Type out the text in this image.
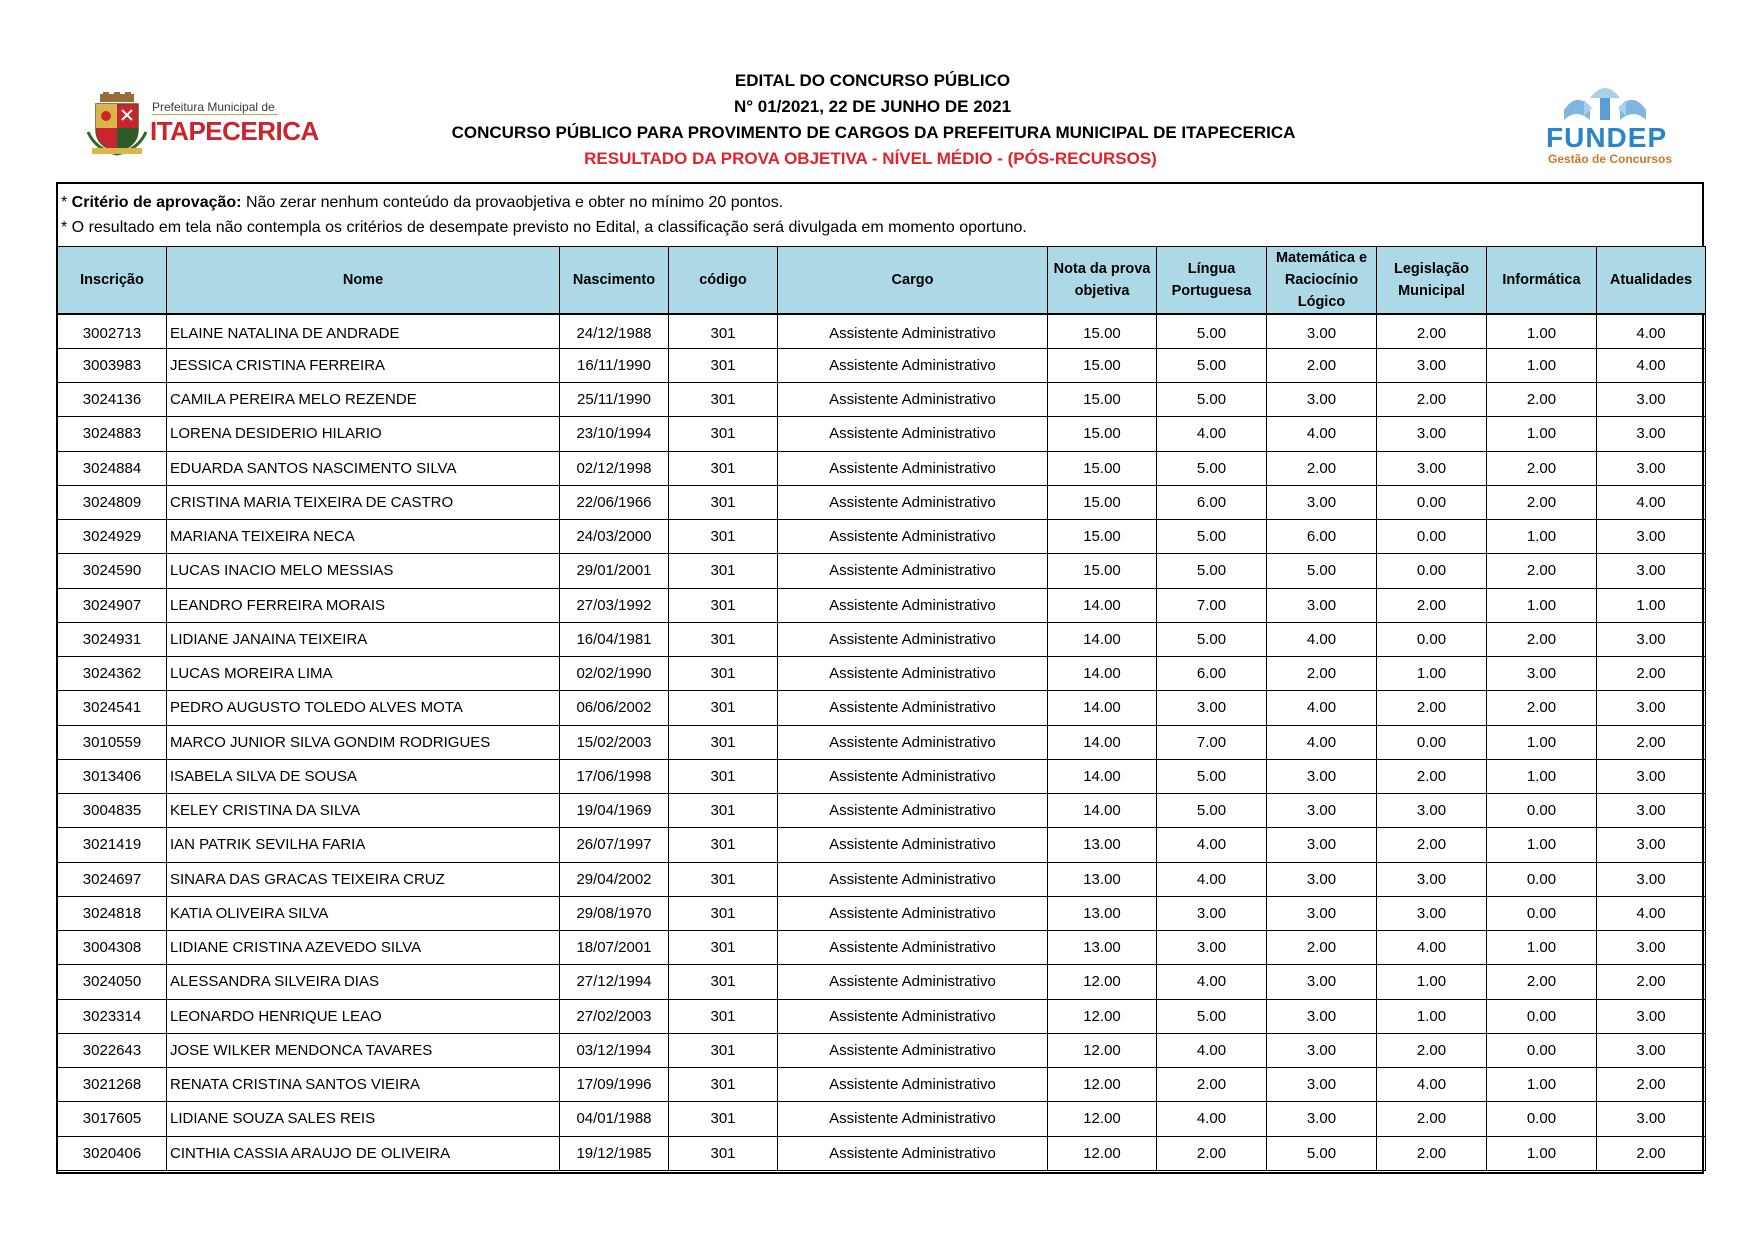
Prefeitura Municipal de
ITAPECERICA
EDITAL DO CONCURSO PÚBLICO
N° 01/2021, 22 DE JUNHO DE 2021
CONCURSO PÚBLICO PARA PROVIMENTO DE CARGOS DA PREFEITURA MUNICIPAL DE ITAPECERICA
RESULTADO DA PROVA OBJETIVA - NÍVEL MÉDIO - (PÓS-RECURSOS)
FUNDEP
Gestão de Concursos
* Critério de aprovação: Não zerar nenhum conteúdo da provaobjetiva e obter no mínimo 20 pontos.
* O resultado em tela não contempla os critérios de desempate previsto no Edital, a classificação será divulgada em momento oportuno.
Inscrição	Nome	Nascimento	código	Cargo	Nota da prova objetiva	Língua Portuguesa	Matemática e Raciocínio Lógico	Legislação Municipal	Informática	Atualidades
3002713	ELAINE NATALINA DE ANDRADE	24/12/1988	301	Assistente Administrativo	15.00	5.00	3.00	2.00	1.00	4.00
3003983	JESSICA CRISTINA FERREIRA	16/11/1990	301	Assistente Administrativo	15.00	5.00	2.00	3.00	1.00	4.00
3024136	CAMILA PEREIRA MELO REZENDE	25/11/1990	301	Assistente Administrativo	15.00	5.00	3.00	2.00	2.00	3.00
3024883	LORENA DESIDERIO HILARIO	23/10/1994	301	Assistente Administrativo	15.00	4.00	4.00	3.00	1.00	3.00
3024884	EDUARDA SANTOS NASCIMENTO SILVA	02/12/1998	301	Assistente Administrativo	15.00	5.00	2.00	3.00	2.00	3.00
3024809	CRISTINA MARIA TEIXEIRA DE CASTRO	22/06/1966	301	Assistente Administrativo	15.00	6.00	3.00	0.00	2.00	4.00
3024929	MARIANA TEIXEIRA NECA	24/03/2000	301	Assistente Administrativo	15.00	5.00	6.00	0.00	1.00	3.00
3024590	LUCAS INACIO MELO MESSIAS	29/01/2001	301	Assistente Administrativo	15.00	5.00	5.00	0.00	2.00	3.00
3024907	LEANDRO FERREIRA MORAIS	27/03/1992	301	Assistente Administrativo	14.00	7.00	3.00	2.00	1.00	1.00
3024931	LIDIANE JANAINA TEIXEIRA	16/04/1981	301	Assistente Administrativo	14.00	5.00	4.00	0.00	2.00	3.00
3024362	LUCAS MOREIRA LIMA	02/02/1990	301	Assistente Administrativo	14.00	6.00	2.00	1.00	3.00	2.00
3024541	PEDRO AUGUSTO TOLEDO ALVES MOTA	06/06/2002	301	Assistente Administrativo	14.00	3.00	4.00	2.00	2.00	3.00
3010559	MARCO JUNIOR SILVA GONDIM RODRIGUES	15/02/2003	301	Assistente Administrativo	14.00	7.00	4.00	0.00	1.00	2.00
3013406	ISABELA SILVA DE SOUSA	17/06/1998	301	Assistente Administrativo	14.00	5.00	3.00	2.00	1.00	3.00
3004835	KELEY CRISTINA DA SILVA	19/04/1969	301	Assistente Administrativo	14.00	5.00	3.00	3.00	0.00	3.00
3021419	IAN PATRIK SEVILHA FARIA	26/07/1997	301	Assistente Administrativo	13.00	4.00	3.00	2.00	1.00	3.00
3024697	SINARA DAS GRACAS TEIXEIRA CRUZ	29/04/2002	301	Assistente Administrativo	13.00	4.00	3.00	3.00	0.00	3.00
3024818	KATIA OLIVEIRA SILVA	29/08/1970	301	Assistente Administrativo	13.00	3.00	3.00	3.00	0.00	4.00
3004308	LIDIANE CRISTINA AZEVEDO SILVA	18/07/2001	301	Assistente Administrativo	13.00	3.00	2.00	4.00	1.00	3.00
3024050	ALESSANDRA SILVEIRA DIAS	27/12/1994	301	Assistente Administrativo	12.00	4.00	3.00	1.00	2.00	2.00
3023314	LEONARDO HENRIQUE LEAO	27/02/2003	301	Assistente Administrativo	12.00	5.00	3.00	1.00	0.00	3.00
3022643	JOSE WILKER MENDONCA TAVARES	03/12/1994	301	Assistente Administrativo	12.00	4.00	3.00	2.00	0.00	3.00
3021268	RENATA CRISTINA SANTOS VIEIRA	17/09/1996	301	Assistente Administrativo	12.00	2.00	3.00	4.00	1.00	2.00
3017605	LIDIANE SOUZA SALES REIS	04/01/1988	301	Assistente Administrativo	12.00	4.00	3.00	2.00	0.00	3.00
3020406	CINTHIA CASSIA ARAUJO DE OLIVEIRA	19/12/1985	301	Assistente Administrativo	12.00	2.00	5.00	2.00	1.00	2.00
